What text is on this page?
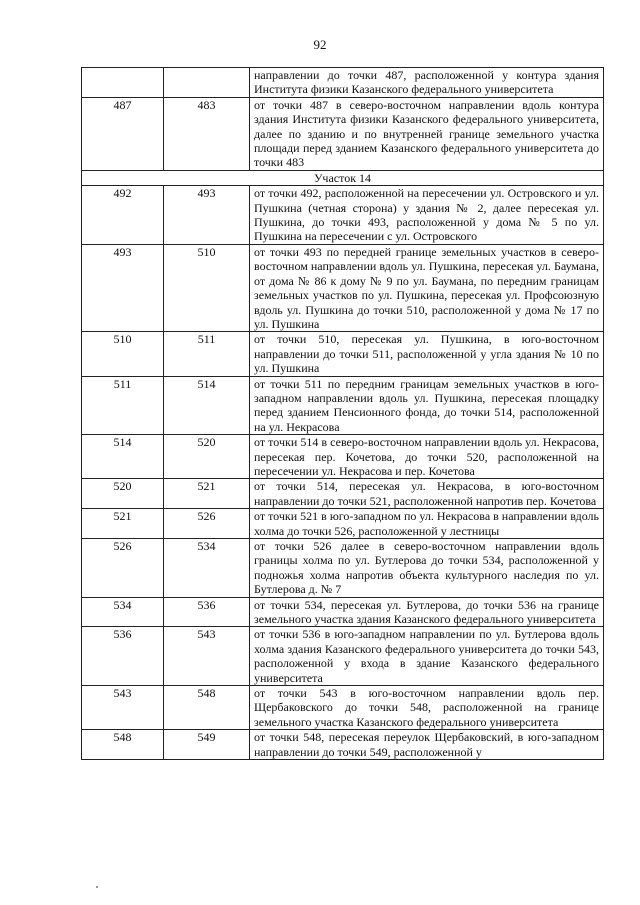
92
		направлении до точки 487, расположенной у контура здания Института физики Казанского федерального университета
487	483	от точки 487 в северо-восточном направлении вдоль контура здания Института физики Казанского федерального университета, далее по зданию и по внутренней границе земельного участка площади перед зданием Казанского федерального университета до точки 483
Участок 14		
492	493	от точки 492, расположенной на пересечении ул. Островского и ул. Пушкина (четная сторона) у здания № 2, далее пересекая ул. Пушкина, до точки 493, расположенной у дома № 5 по ул. Пушкина на пересечении с ул. Островского
493	510	от точки 493 по передней границе земельных участков в северо-восточном направлении вдоль ул. Пушкина, пересекая ул. Баумана, от дома № 86 к дому № 9 по ул. Баумана, по передним границам земельных участков по ул. Пушкина, пересекая ул. Профсоюзную вдоль ул. Пушкина до точки 510, расположенной у дома № 17 по ул. Пушкина
510	511	от точки 510, пересекая ул. Пушкина, в юго-восточном направлении до точки 511, расположенной у угла здания № 10 по ул. Пушкина
511	514	от точки 511 по передним границам земельных участков в юго-западном направлении вдоль ул. Пушкина, пересекая площадку перед зданием Пенсионного фонда, до точки 514, расположенной на ул. Некрасова
514	520	от точки 514 в северо-восточном направлении вдоль ул. Некрасова, пересекая пер. Кочетова, до точки 520, расположенной на пересечении ул. Некрасова и пер. Кочетова
520	521	от точки 514, пересекая ул. Некрасова, в юго-восточном направлении до точки 521, расположенной напротив пер. Кочетова
521	526	от точки 521 в юго-западном по ул. Некрасова в направлении вдоль холма до точки 526, расположенной у лестницы
526	534	от точки 526 далее в северо-восточном направлении вдоль границы холма по ул. Бутлерова до точки 534, расположенной у подножья холма напротив объекта культурного наследия по ул. Бутлерова д. № 7
534	536	от точки 534, пересекая ул. Бутлерова, до точки 536 на границе земельного участка здания Казанского федерального университета
536	543	от точки 536 в юго-западном направлении по ул. Бутлерова вдоль холма здания Казанского федерального университета до точки 543, расположенной у входа в здание Казанского федерального университета
543	548	от точки 543 в юго-восточном направлении вдоль пер. Щербаковского до точки 548, расположенной на границе земельного участка Казанского федерального университета
548	549	от точки 548, пересекая переулок Щербаковский, в юго-западном направлении до точки 549, расположенной у
